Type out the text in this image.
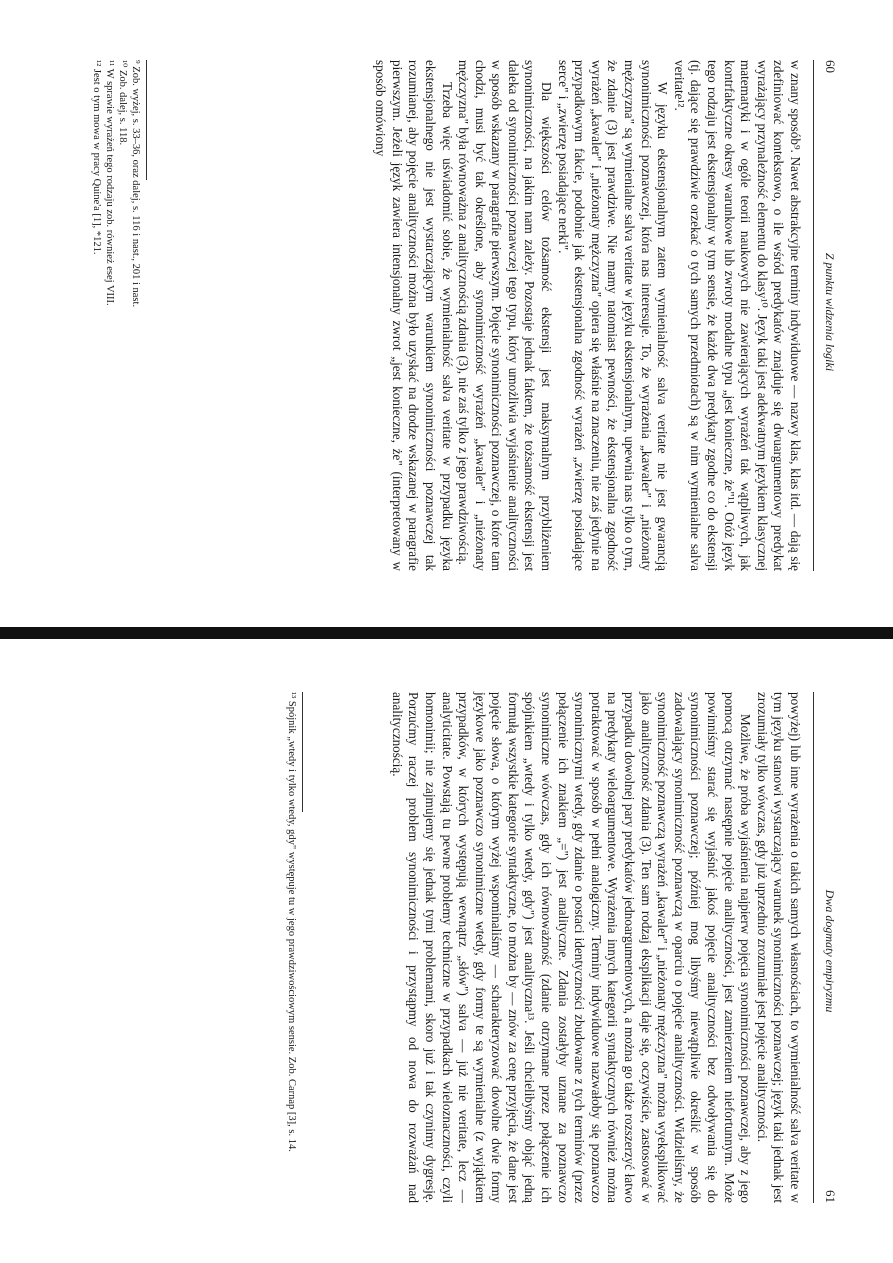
60
Z punktu widzenia logiki

w znany sposób⁹. Nawet abstrakcyjne terminy indywiduowe — nazwy klas, klas itd. — dają się zdefiniować kontekstowo, o ile wśród predykatów znajduje się dwuargumentowy predykat wyrażający przynależność elementu do klasy¹⁰. Język taki jest adekwatnym językiem klasycznej matematyki i w ogóle teorii naukowych nie zawierających wyrażeń tak wątpliwych, jak kontrfaktyczne okresy warunkowe lub zwroty modalne typu „jest konieczne, że"¹¹. Otóż język tego rodzaju jest ekstensjonalny w tym sensie, że każde dwa predykaty zgodne co do ekstensji (tj. dające się prawdziwie orzekać o tych samych przedmiotach) są w nim wymienialne salva veritate¹².

W języku ekstensjonalnym zatem wymienialność salva veritate nie jest gwarancją synonimiczności poznawczej, która nas interesuje. To, że wyrażenia „kawaler" i „nieżonaty mężczyzna" są wymienialne salva veritate w języku ekstensjonalnym, upewnia nas tylko o tym, że zdanie (3) jest prawdziwe. Nie mamy natomiast pewności, że ekstensjonalna zgodność wyrażeń „kawaler" i „nieżonaty mężczyzna" opiera się właśnie na znaczeniu, nie zaś jedynie na przypadkowym fakcie, podobnie jak ekstensjonalna zgodność wyrażeń „zwierzę posiadające serce" i „zwierzę posiadające nerki".

Dla większości celów tożsamość ekstensji jest maksymalnym przybliżeniem synonimiczności, na jakim nam zależy. Pozostaje jednak faktem, że tożsamość ekstensji jest daleka od synonimiczności poznawczej tego typu, który umożliwia wyjaśnienie analityczności w sposób wskazany w paragrafie pierwszym. Pojęcie synonimiczności poznawczej, o które tam chodzi, musi być tak określone, aby synonimiczność wyrażeń „kawaler" i „nieżonaty mężczyzna" była równoważna z analitycznością zdania (3), nie zaś tylko z jego prawdziwością.

Trzeba więc uświadomić sobie, że wymienialność salva veritate w przypadku języka ekstensjonalnego nie jest wystarczającym warunkiem synonimiczności poznawczej tak rozumianej, aby pojęcie analityczności można było uzyskać na drodze wskazanej w paragrafie pierwszym. Jeżeli język zawiera intensjonalny zwrot „jest konieczne, że" (interpretowany w sposób omówiony

⁹ Zob. wyżej, s. 33–36, oraz dalej, s. 116 i nast., 201 i nast.
¹⁰ Zob. dalej, s. 118.
¹¹ W sprawie wyrażeń tego rodzaju zob. również esej VIII.
¹² Jest o tym mowa w pracy Quine'a [1], *121.
Dwa dogmaty empiryzmu
61

powyżej) lub inne wyrażenia o takich samych własnościach, to wymienialność salva veritate w tym języku stanowi wystarczający warunek synonimiczności poznawczej; język taki jednak jest zrozumiały tylko wówczas, gdy już uprzednio zrozumiałe jest pojęcie analityczności.

Możliwe, że próba wyjaśnienia najpierw pojęcia synonimiczności poznawczej, aby z jego pomocą otrzymać następnie pojęcie analityczności, jest zamierzeniem niefortunnym. Może powinniśmy starać się wyjaśnić jakoś pojęcie analityczności bez odwoływania się do synonimiczności poznawczej; później mog libyśmy niewątpliwie określić w sposób zadowalający synonimiczność poznawczą w oparciu o pojęcie analityczności. Widzieliśmy, że synonimiczność poznawczą wyrażeń „kawaler" i „nieżonaty mężczyzna" można wyeksplikować jako analityczność zdania (3). Ten sam rodzaj eksplikacji daje się, oczywiście, zastosować w przypadku dowolnej pary predykatów jednoargumentowych, a można go także rozszerzyć łatwo na predykaty wieloargumentowe. Wyrażenia innych kategorii syntaktycznych również można potraktować w sposób w pełni analogiczny. Terminy indywiduowe nazwałoby się poznawczo synonimicznymi wtedy, gdy zdanie o postaci identyczności zbudowane z tych terminów (przez połączenie ich znakiem „=") jest analityczne. Zdania zostałyby uznane za poznawczo synonimiczne wówczas, gdy ich równoważność (zdanie otrzymane przez połączenie ich spójnikiem „wtedy i tylko wtedy, gdy") jest analityczna¹³. Jeśli chcielibyśmy objąć jedną formułą wszystkie kategorie syntaktyczne, to można by — znów za cenę przyjęcia, że dane jest pojęcie słowa, o którym wyżej wspominaliśmy — scharakteryzować dowolne dwie formy językowe jako poznawczo synonimiczne wtedy, gdy formy te są wymienialne (z wyjątkiem przypadków, w których występują wewnątrz „słów") salva — już nie veritate, lecz — analyticitate. Powstają tu pewne problemy techniczne w przypadkach wieloznaczności, czyli homonimii; nie zajmujemy się jednak tymi problemami, skoro już i tak czynimy dygresję. Porzućmy raczej problem synonimiczności i przystąpmy od nowa do rozważań nad analitycznością.

¹³ Spójnik „wtedy i tylko wtedy, gdy" występuje tu w jego prawdziwościowym sensie. Zob. Carnap [3], s. 14.
